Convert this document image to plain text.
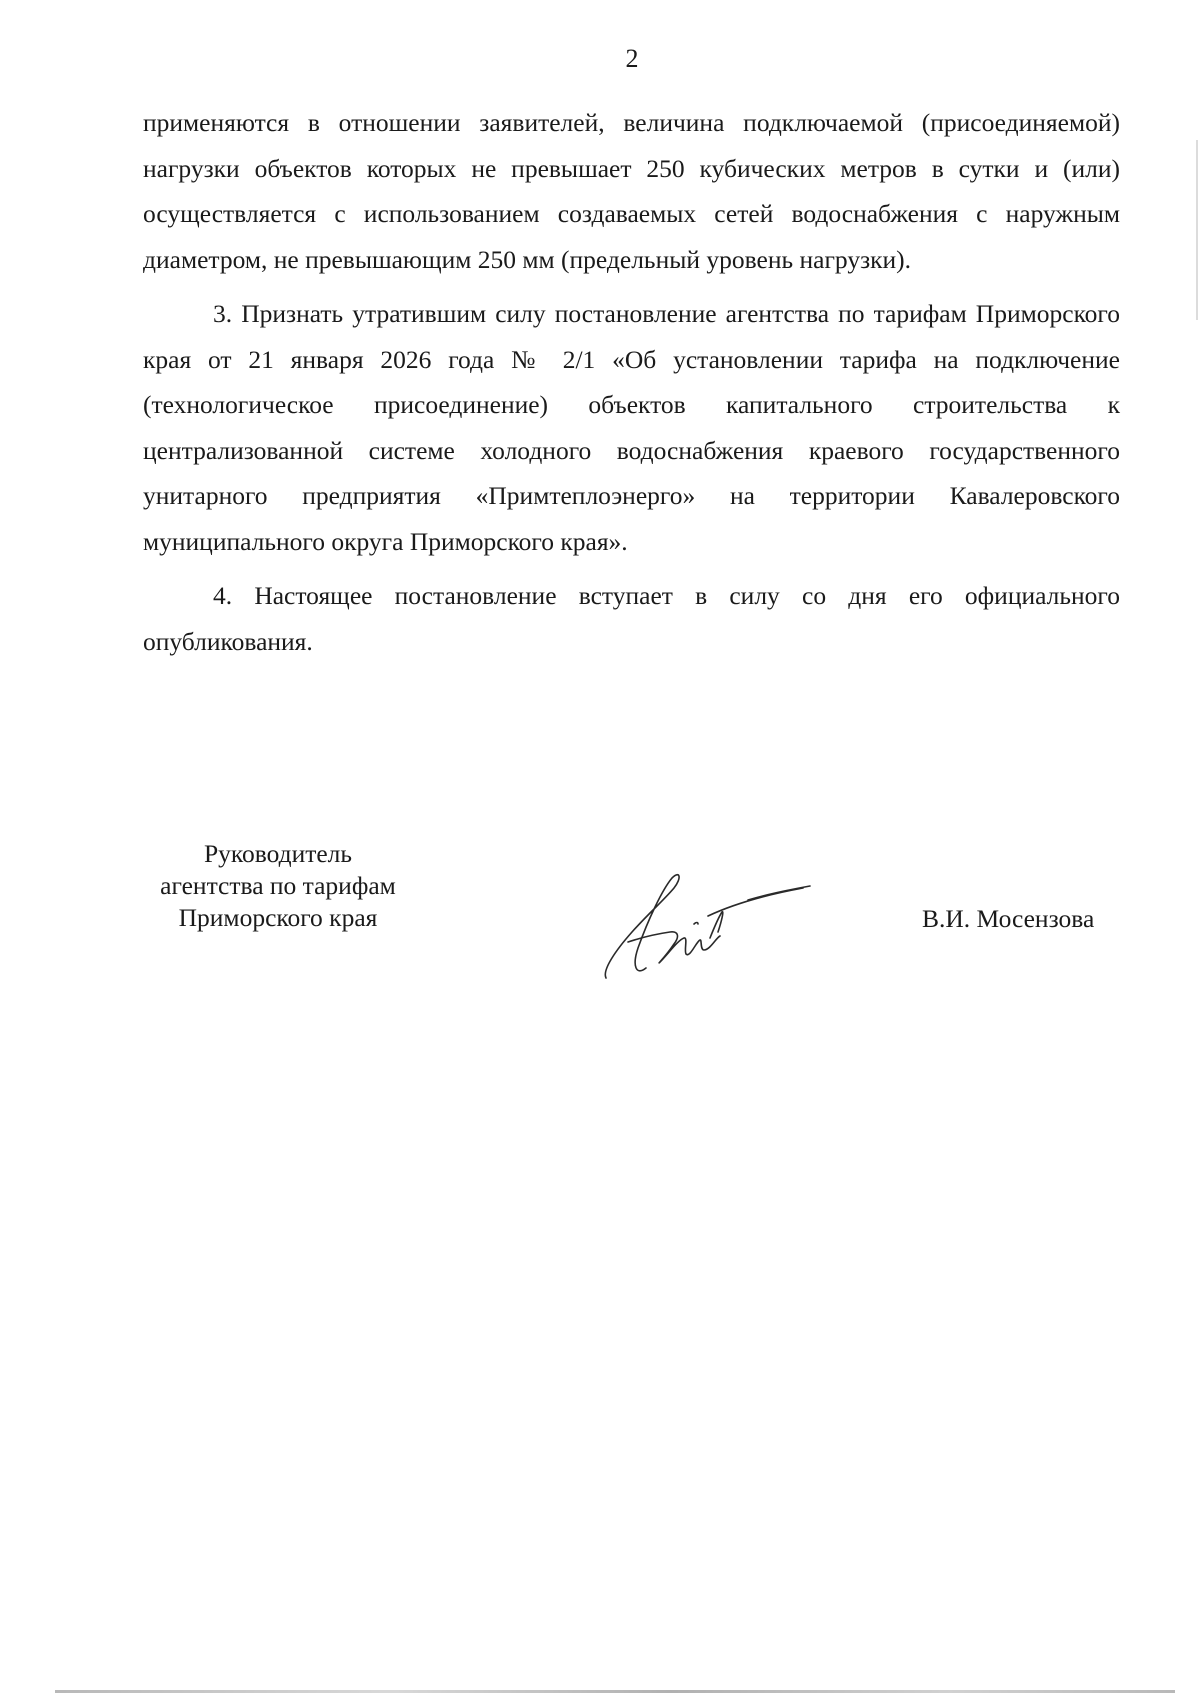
2

применяются в отношении заявителей, величина подключаемой (присоединяемой) нагрузки объектов которых не превышает 250 кубических метров в сутки и (или) осуществляется с использованием создаваемых сетей водоснабжения с наружным диаметром, не превышающим 250 мм (предельный уровень нагрузки).

3. Признать утратившим силу постановление агентства по тарифам Приморского края от 21 января 2026 года № 2/1 «Об установлении тарифа на подключение (технологическое присоединение) объектов капитального строительства к централизованной системе холодного водоснабжения краевого государственного унитарного предприятия «Примтеплоэнерго» на территории Кавалеровского муниципального округа Приморского края».

4. Настоящее постановление вступает в силу со дня его официального опубликования.

Руководитель
агентства по тарифам
Приморского края	В.И. Мосензова
